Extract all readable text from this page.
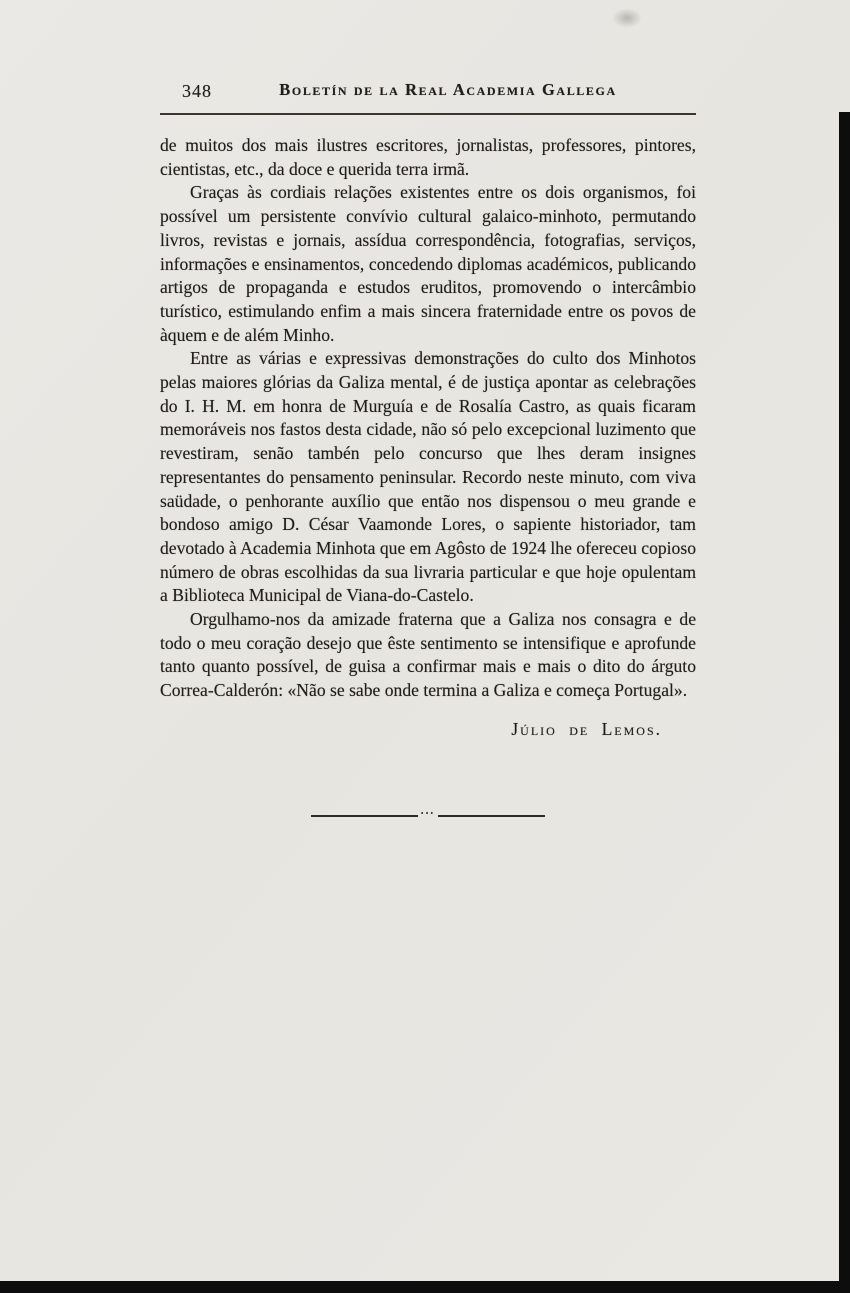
348	Boletín de la Real Academia Gallega

de muitos dos mais ilustres escritores, jornalistas, professores, pintores, cientistas, etc., da doce e querida terra irmã.

Graças às cordiais relações existentes entre os dois organismos, foi possível um persistente convívio cultural galaico-minhoto, permutando livros, revistas e jornais, assídua correspondência, fotografias, serviços, informações e ensinamentos, concedendo diplomas académicos, publicando artigos de propaganda e estudos eruditos, promovendo o intercâmbio turístico, estimulando enfim a mais sincera fraternidade entre os povos de àquem e de além Minho.

Entre as várias e expressivas demonstrações do culto dos Minhotos pelas maiores glórias da Galiza mental, é de justiça apontar as celebrações do I. H. M. em honra de Murguía e de Rosalía Castro, as quais ficaram memoráveis nos fastos desta cidade, não só pelo excepcional luzimento que revestiram, senão tambén pelo concurso que lhes deram insignes representantes do pensamento peninsular. Recordo neste minuto, com viva saüdade, o penhorante auxílio que então nos dispensou o meu grande e bondoso amigo D. César Vaamonde Lores, o sapiente historiador, tam devotado à Academia Minhota que em Agôsto de 1924 lhe ofereceu copioso número de obras escolhidas da sua livraria particular e que hoje opulentam a Biblioteca Municipal de Viana-do-Castelo.

Orgulhamo-nos da amizade fraterna que a Galiza nos consagra e de todo o meu coração desejo que êste sentimento se intensifique e aprofunde tanto quanto possível, de guisa a confirmar mais e mais o dito do árguto Correa-Calderón: «Não se sabe onde termina a Galiza e começa Portugal».

Júlio de Lemos.
•••
